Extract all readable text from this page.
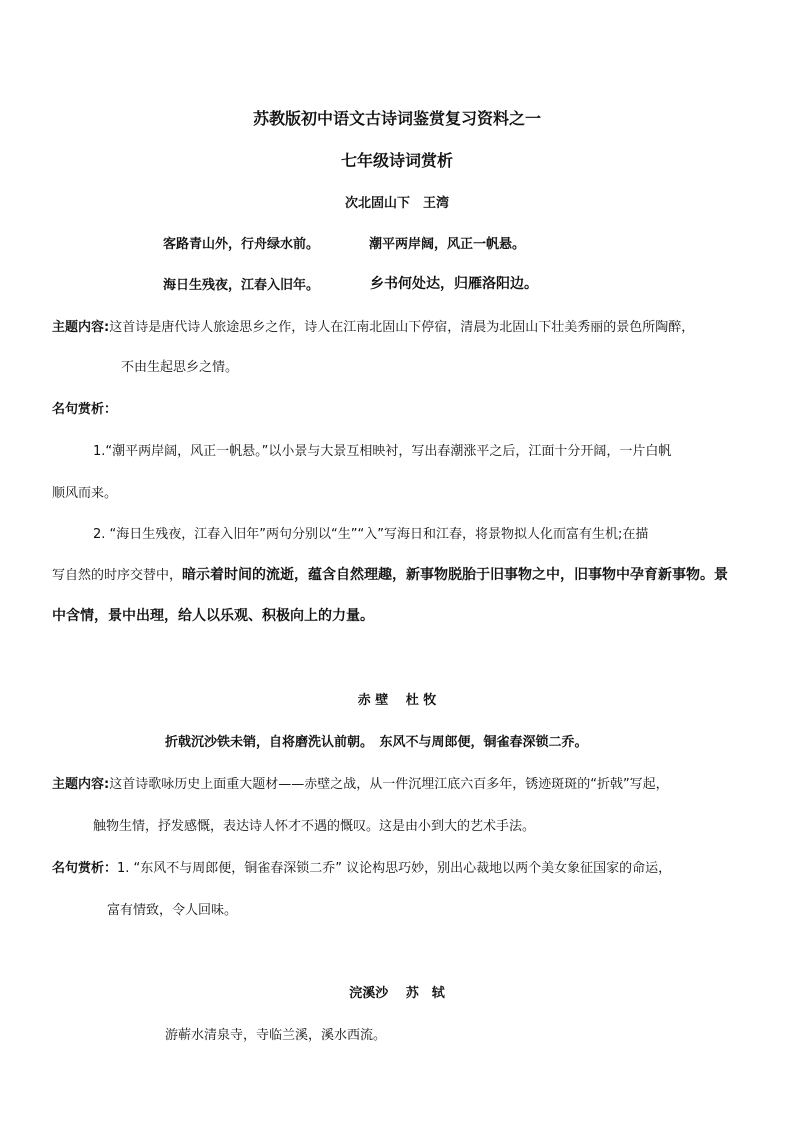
苏教版初中语文古诗词鉴赏复习资料之一
七年级诗词赏析
次北固山下　王湾
客路青山外，行舟绿水前。	潮平两岸阔，风正一帆悬。
海日生残夜，江春入旧年。	乡书何处达，归雁洛阳边。
主题内容:这首诗是唐代诗人旅途思乡之作，诗人在江南北固山下停宿，清晨为北固山下壮美秀丽的景色所陶醉，
不由生起思乡之情。
名句赏析：
1.“潮平两岸阔，风正一帆悬。”以小景与大景互相映衬，写出春潮涨平之后，江面十分开阔，一片白帆
顺风而来。
2. “海日生残夜，江春入旧年”两句分别以“生”“入”写海日和江春，将景物拟人化而富有生机;在描
写自然的时序交替中，暗示着时间的流逝，蕴含自然理趣，新事物脱胎于旧事物之中，旧事物中孕育新事物。景
中含情，景中出理，给人以乐观、积极向上的力量。
赤 壁　 杜 牧
折戟沉沙铁未销，自将磨洗认前朝。　东风不与周郎便，铜雀春深锁二乔。
主题内容:这首诗歌咏历史上面重大题材——赤壁之战，从一件沉埋江底六百多年，锈迹斑斑的“折戟”写起，
触物生情，抒发感慨，表达诗人怀才不遇的慨叹。这是由小到大的艺术手法。
名句赏析：1. “东风不与周郎便，铜雀春深锁二乔” 议论构思巧妙，别出心裁地以两个美女象征国家的命运，
富有情致，令人回味。
浣溪沙　 苏　轼
游蕲水清泉寺，寺临兰溪，溪水西流。
